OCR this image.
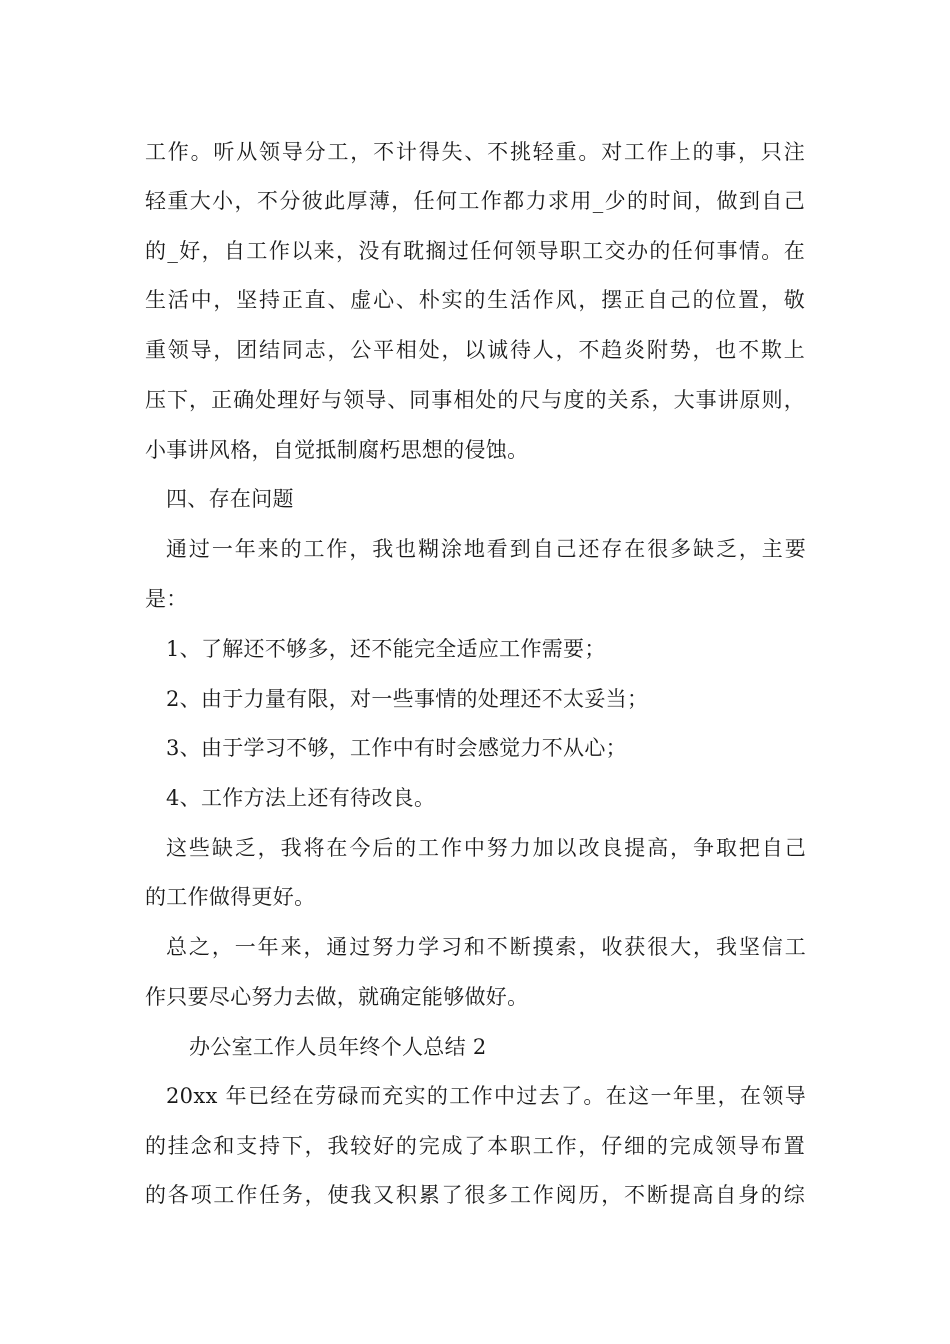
工作。听从领导分工，不计得失、不挑轻重。对工作上的事，只注
轻重大小，不分彼此厚薄，任何工作都力求用_少的时间，做到自己
的_好，自工作以来，没有耽搁过任何领导职工交办的任何事情。在
生活中，坚持正直、虚心、朴实的生活作风，摆正自己的位置，敬
重领导，团结同志，公平相处，以诚待人，不趋炎附势，也不欺上
压下，正确处理好与领导、同事相处的尺与度的关系，大事讲原则，
小事讲风格，自觉抵制腐朽思想的侵蚀。
四、存在问题
通过一年来的工作，我也糊涂地看到自己还存在很多缺乏，主要
是：
1、了解还不够多，还不能完全适应工作需要；
2、由于力量有限，对一些事情的处理还不太妥当；
3、由于学习不够，工作中有时会感觉力不从心；
4、工作方法上还有待改良。
这些缺乏，我将在今后的工作中努力加以改良提高，争取把自己
的工作做得更好。
总之，一年来，通过努力学习和不断摸索，收获很大，我坚信工
作只要尽心努力去做，就确定能够做好。
办公室工作人员年终个人总结 2
20xx 年已经在劳碌而充实的工作中过去了。在这一年里，在领导
的挂念和支持下，我较好的完成了本职工作，仔细的完成领导布置
的各项工作任务，使我又积累了很多工作阅历，不断提高自身的综
